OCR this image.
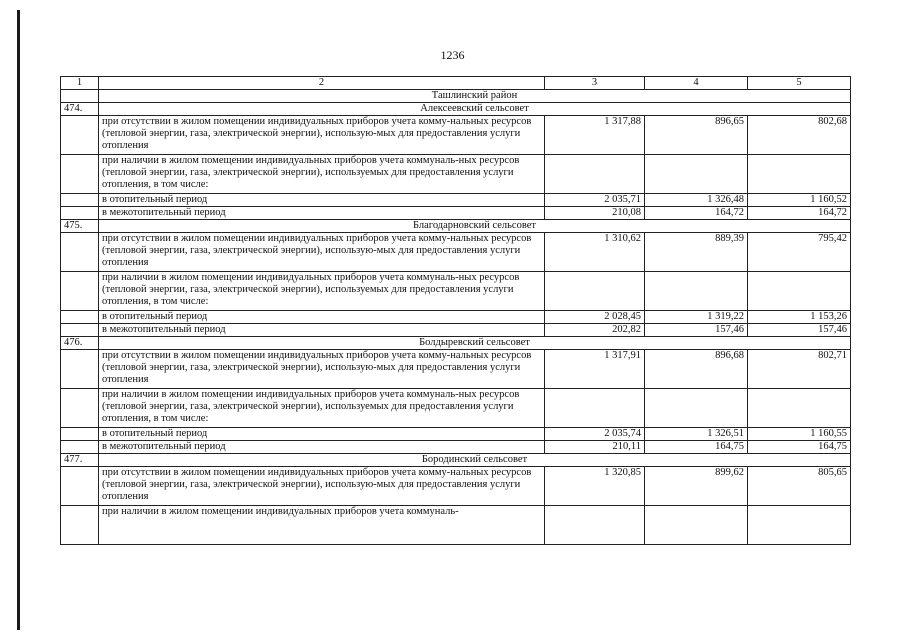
1236
1	2	3	4	5
	Ташлинский район			
474.	Алексеевский сельсовет			
	при отсутствии в жилом помещении индивидуальных приборов учета комму-нальных ресурсов (тепловой энергии, газа, электрической энергии), использую-мых для предоставления услуги отопления	1 317,88	896,65	802,68
	при наличии в жилом помещении индивидуальных приборов учета коммуналь-ных ресурсов (тепловой энергии, газа, электрической энергии), используемых для предоставления услуги отопления, в том числе:			
	в отопительный период	2 035,71	1 326,48	1 160,52
	в межотопительный период	210,08	164,72	164,72
475.	Благодарновский сельсовет			
	при отсутствии в жилом помещении индивидуальных приборов учета комму-нальных ресурсов (тепловой энергии, газа, электрической энергии), использую-мых для предоставления услуги отопления	1 310,62	889,39	795,42
	при наличии в жилом помещении индивидуальных приборов учета коммуналь-ных ресурсов (тепловой энергии, газа, электрической энергии), используемых для предоставления услуги отопления, в том числе:			
	в отопительный период	2 028,45	1 319,22	1 153,26
	в межотопительный период	202,82	157,46	157,46
476.	Болдыревский сельсовет			
	при отсутствии в жилом помещении индивидуальных приборов учета комму-нальных ресурсов (тепловой энергии, газа, электрической энергии), использую-мых для предоставления услуги отопления	1 317,91	896,68	802,71
	при наличии в жилом помещении индивидуальных приборов учета коммуналь-ных ресурсов (тепловой энергии, газа, электрической энергии), используемых для предоставления услуги отопления, в том числе:			
	в отопительный период	2 035,74	1 326,51	1 160,55
	в межотопительный период	210,11	164,75	164,75
477.	Бородинский сельсовет			
	при отсутствии в жилом помещении индивидуальных приборов учета комму-нальных ресурсов (тепловой энергии, газа, электрической энергии), использую-мых для предоставления услуги отопления	1 320,85	899,62	805,65
	при наличии в жилом помещении индивидуальных приборов учета коммуналь-			
